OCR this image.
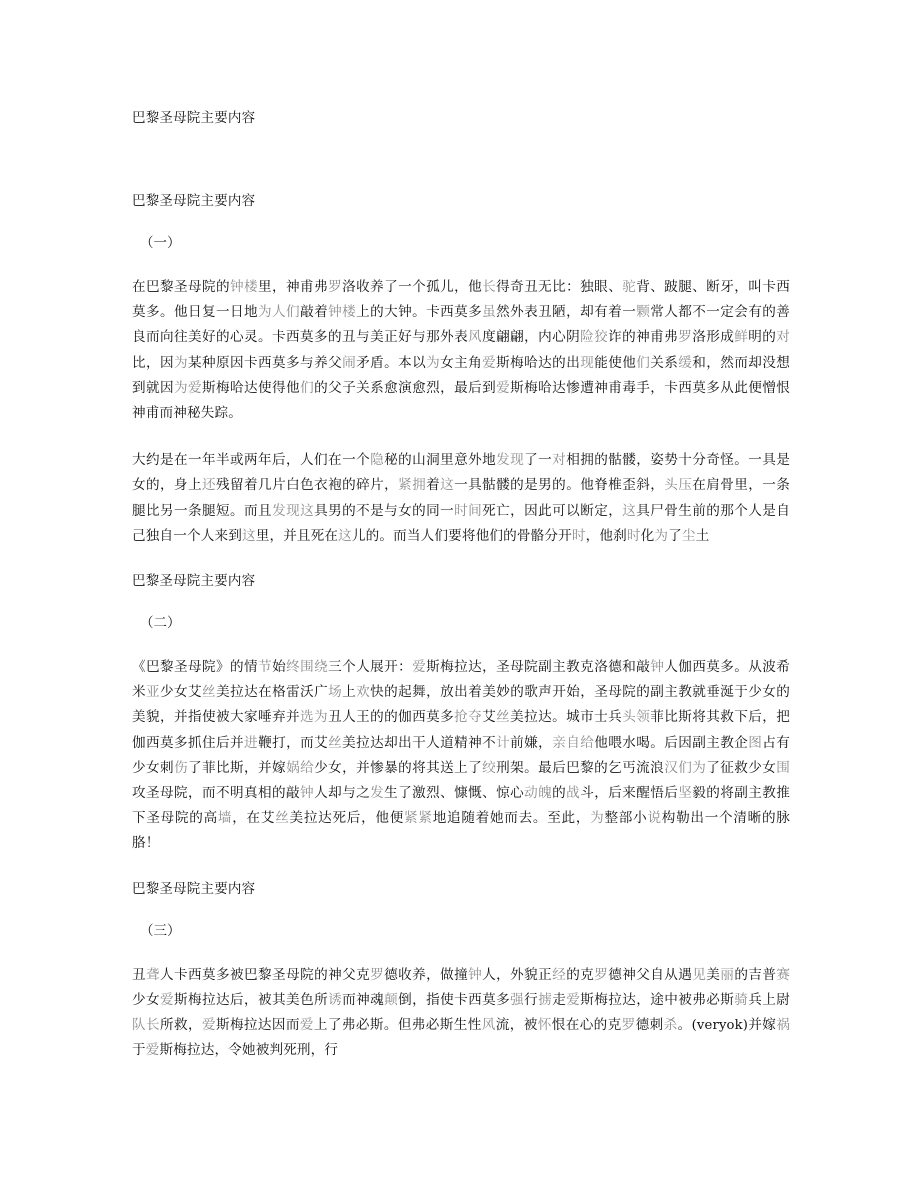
巴黎圣母院主要内容
巴黎圣母院主要内容
（一）

在巴黎圣母院的钟楼里，神甫弗罗洛收养了一个孤儿，他长得奇丑无比：独眼、驼背、跛腿、断牙，叫卡西莫多。他日复一日地为人们敲着钟楼上的大钟。卡西莫多虽然外表丑陋，却有着一颗常人都不一定会有的善良而向往美好的心灵。卡西莫多的丑与美正好与那外表风度翩翩，内心阴险狡诈的神甫弗罗洛形成鲜明的对比，因为某种原因卡西莫多与养父闹矛盾。本以为女主角爱斯梅哈达的出现能使他们关系缓和，然而却没想到就因为爱斯梅哈达使得他们的父子关系愈演愈烈，最后到爱斯梅哈达惨遭神甫毒手，卡西莫多从此便憎恨神甫而神秘失踪。

大约是在一年半或两年后，人们在一个隐秘的山洞里意外地发现了一对相拥的骷髅，姿势十分奇怪。一具是女的，身上还残留着几片白色衣袍的碎片，紧拥着这一具骷髅的是男的。他脊椎歪斜，头压在肩骨里，一条腿比另一条腿短。而且发现这具男的不是与女的同一时间死亡，因此可以断定，这具尸骨生前的那个人是自己独自一个人来到这里，并且死在这儿的。而当人们要将他们的骨骼分开时，他刹时化为了尘土

巴黎圣母院主要内容
（二）

《巴黎圣母院》的情节始终围绕三个人展开：爱斯梅拉达，圣母院副主教克洛德和敲钟人伽西莫多。从波希米亚少女艾丝美拉达在格雷沃广场上欢快的起舞，放出着美妙的歌声开始，圣母院的副主教就垂涎于少女的美貌，并指使被大家唾弃并选为丑人王的的伽西莫多抢夺艾丝美拉达。城市士兵头领菲比斯将其救下后，把伽西莫多抓住后并进鞭打，而艾丝美拉达却出干人道精神不计前嫌，亲自给他喂水喝。后因副主教企图占有少女刺伤了菲比斯，并嫁娲给少女，并惨暴的将其送上了绞刑架。最后巴黎的乞丐流浪汉们为了征救少女围攻圣母院，而不明真相的敲钟人却与之发生了激烈、慷慨、惊心动魄的战斗，后来醒悟后坚毅的将副主教推下圣母院的高墙，在艾丝美拉达死后，他便紧紧地追随着她而去。至此，为整部小说构勒出一个清晰的脉胳！

巴黎圣母院主要内容
（三）

丑聋人卡西莫多被巴黎圣母院的神父克罗德收养，做撞钟人，外貌正经的克罗德神父自从遇见美丽的吉普赛少女爱斯梅拉达后，被其美色所诱而神魂颠倒，指使卡西莫多强行掳走爱斯梅拉达，途中被弗必斯骑兵上尉队长所救，爱斯梅拉达因而爱上了弗必斯。但弗必斯生性风流，被怀恨在心的克罗德刺杀。(veryok)并嫁祸于爱斯梅拉达，令她被判死刑，行
